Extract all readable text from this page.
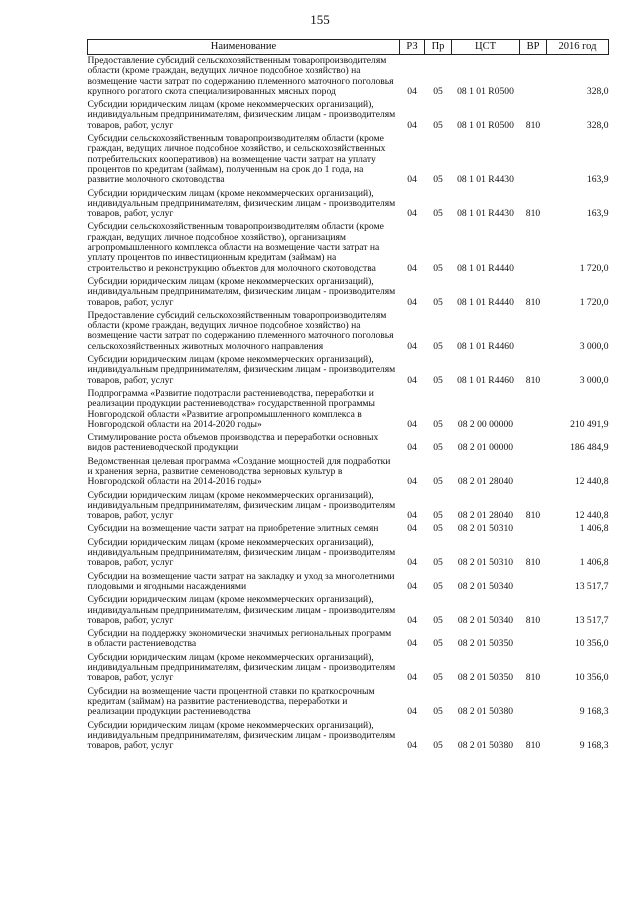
155
Наименование	РЗ	Пр	ЦСТ	ВР	2016 год
Предоставление субсидий сельскохозяйственным товаропроизводителям области (кроме граждан, ведущих личное подсобное хозяйство) на возмещение части затрат по содержанию племенного маточного поголовья крупного рогатого скота специализированных мясных пород	04	05	08 1 01 R0500		328,0
Субсидии юридическим лицам (кроме некоммерческих организаций), индивидуальным предпринимателям, физическим лицам - производителям товаров, работ, услуг	04	05	08 1 01 R0500	810	328,0
Субсидии сельскохозяйственным товаропроизводителям области (кроме граждан, ведущих личное подсобное хозяйство, и сельскохозяйственных потребительских кооперативов) на возмещение части затрат на уплату процентов по кредитам (займам), полученным на срок до 1 года, на развитие молочного скотоводства	04	05	08 1 01 R4430		163,9
Субсидии юридическим лицам (кроме некоммерческих организаций), индивидуальным предпринимателям, физическим лицам - производителям товаров, работ, услуг	04	05	08 1 01 R4430	810	163,9
Субсидии сельскохозяйственным товаропроизводителям области (кроме граждан, ведущих личное подсобное хозяйство), организациям агропромышленного комплекса области на возмещение части затрат на уплату процентов по инвестиционным кредитам (займам) на строительство и реконструкцию объектов для молочного скотоводства	04	05	08 1 01 R4440		1 720,0
Субсидии юридическим лицам (кроме некоммерческих организаций), индивидуальным предпринимателям, физическим лицам - производителям товаров, работ, услуг	04	05	08 1 01 R4440	810	1 720,0
Предоставление субсидий сельскохозяйственным товаропроизводителям области (кроме граждан, ведущих личное подсобное хозяйство) на возмещение части затрат по содержанию племенного маточного поголовья сельскохозяйственных животных молочного направления	04	05	08 1 01 R4460		3 000,0
Субсидии юридическим лицам (кроме некоммерческих организаций), индивидуальным предпринимателям, физическим лицам - производителям товаров, работ, услуг	04	05	08 1 01 R4460	810	3 000,0
Подпрограмма «Развитие подотрасли растениеводства, переработки и реализации продукции растениеводства» государственной программы Новгородской области «Развитие агропромышленного комплекса в Новгородской области на 2014-2020 годы»	04	05	08 2 00 00000		210 491,9
Стимулирование роста объемов производства и переработки основных видов растениеводческой продукции	04	05	08 2 01 00000		186 484,9
Ведомственная целевая программа «Создание мощностей для подработки и хранения зерна, развитие семеноводства зерновых культур в Новгородской области на 2014-2016 годы»	04	05	08 2 01 28040		12 440,8
Субсидии юридическим лицам (кроме некоммерческих организаций), индивидуальным предпринимателям, физическим лицам - производителям товаров, работ, услуг	04	05	08 2 01 28040	810	12 440,8
Субсидии на возмещение части затрат на приобретение элитных семян	04	05	08 2 01 50310		1 406,8
Субсидии юридическим лицам (кроме некоммерческих организаций), индивидуальным предпринимателям, физическим лицам - производителям товаров, работ, услуг	04	05	08 2 01 50310	810	1 406,8
Субсидии на возмещение части затрат на закладку и уход за многолетними плодовыми и ягодными насаждениями	04	05	08 2 01 50340		13 517,7
Субсидии юридическим лицам (кроме некоммерческих организаций), индивидуальным предпринимателям, физическим лицам - производителям товаров, работ, услуг	04	05	08 2 01 50340	810	13 517,7
Субсидии на поддержку экономически значимых региональных программ в области растениеводства	04	05	08 2 01 50350		10 356,0
Субсидии юридическим лицам (кроме некоммерческих организаций), индивидуальным предпринимателям, физическим лицам - производителям товаров, работ, услуг	04	05	08 2 01 50350	810	10 356,0
Субсидии на возмещение части процентной ставки по краткосрочным кредитам (займам) на развитие растениеводства, переработки и реализации продукции растениеводства	04	05	08 2 01 50380		9 168,3
Субсидии юридическим лицам (кроме некоммерческих организаций), индивидуальным предпринимателям, физическим лицам - производителям товаров, работ, услуг	04	05	08 2 01 50380	810	9 168,3
